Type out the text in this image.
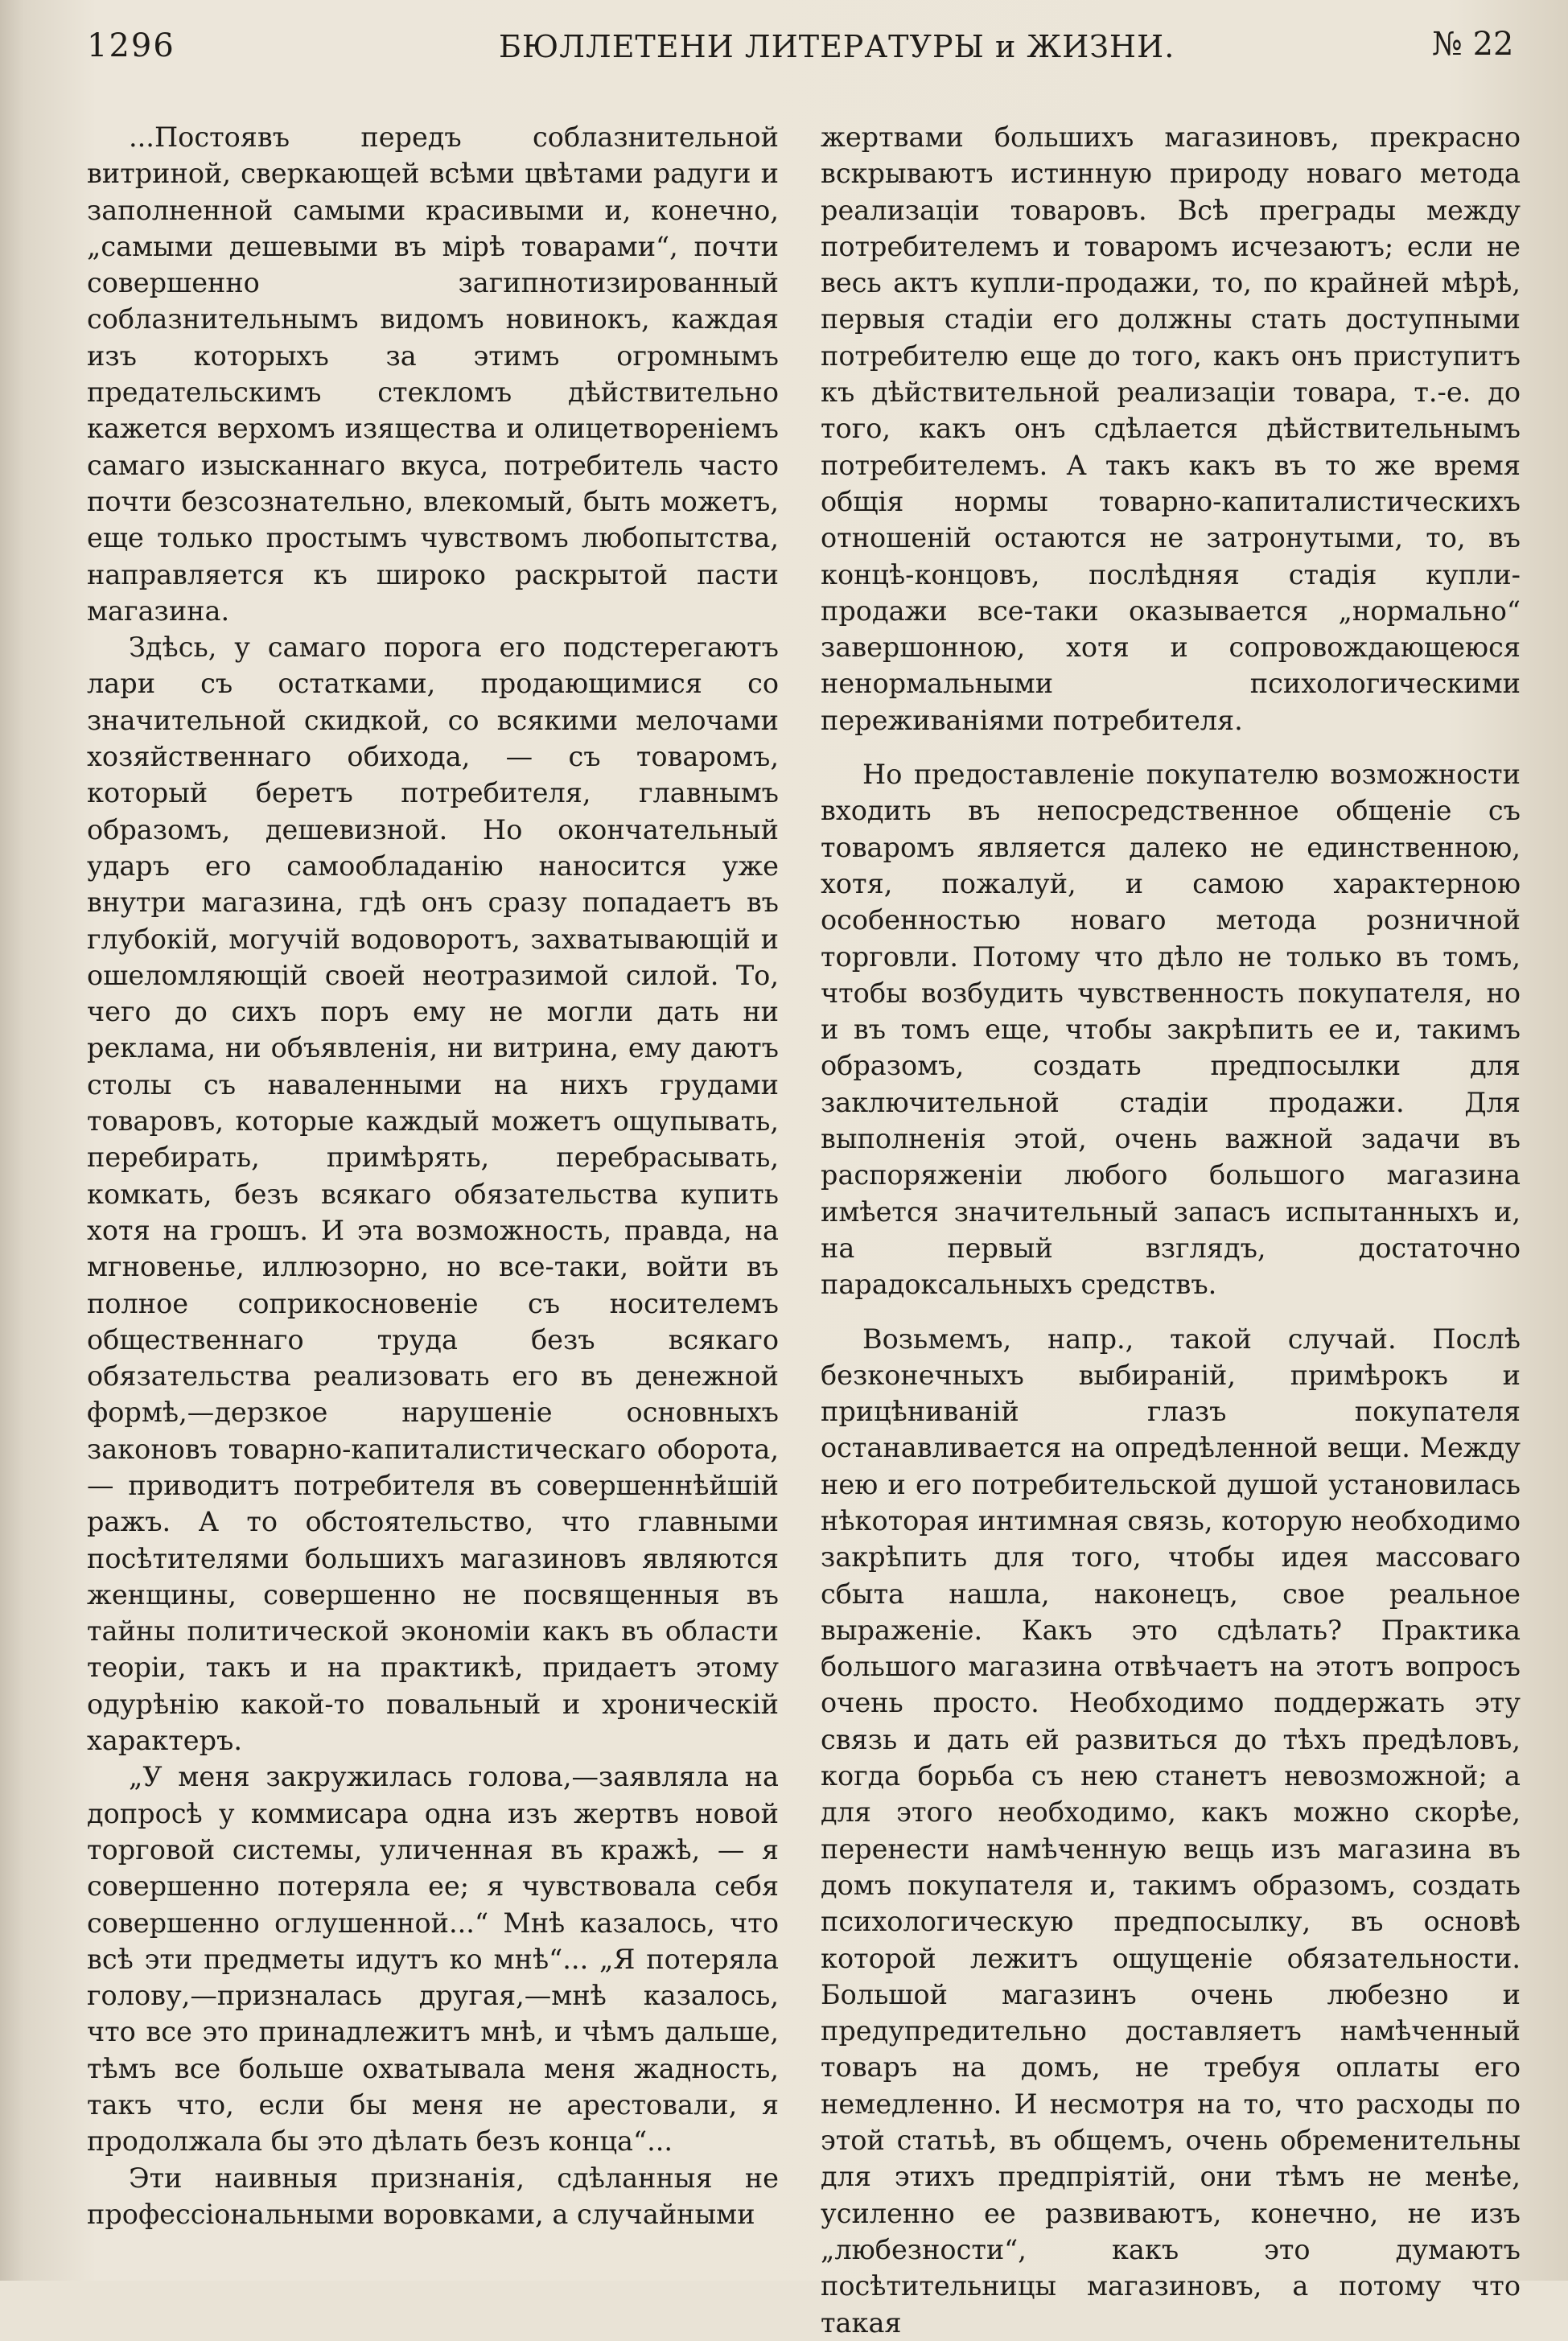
1296	БЮЛЛЕТЕНИ ЛИТЕРАТУРЫ и ЖИЗНИ.	№ 22

...Постоявъ передъ соблазнительной витриной, сверкающей всѣми цвѣтами радуги и заполненной самыми красивыми и, конечно, „самыми дешевыми въ мірѣ товарами“, почти совершенно загипнотизированный соблазнительнымъ видомъ новинокъ, каждая изъ которыхъ за этимъ огромнымъ предательскимъ стекломъ дѣйствительно кажется верхомъ изящества и олицетвореніемъ самаго изысканнаго вкуса, потребитель часто почти безсознательно, влекомый, быть можетъ, еще только простымъ чувствомъ любопытства, направляется къ широко раскрытой пасти магазина.

Здѣсь, у самаго порога его подстерегаютъ лари съ остатками, продающимися со значительной скидкой, со всякими мелочами хозяйственнаго обихода, — съ товаромъ, который беретъ потребителя, главнымъ образомъ, дешевизной. Но окончательный ударъ его самообладанію наносится уже внутри магазина, гдѣ онъ сразу попадаетъ въ глубокій, могучій водоворотъ, захватывающій и ошеломляющій своей неотразимой силой. То, чего до сихъ поръ ему не могли дать ни реклама, ни объявленія, ни витрина, ему даютъ столы съ наваленными на нихъ грудами товаровъ, которые каждый можетъ ощупывать, перебирать, примѣрять, перебрасывать, комкать, безъ всякаго обязательства купить хотя на грошъ. И эта возможность, правда, на мгновенье, иллюзорно, но все-таки, войти въ полное соприкосновеніе съ носителемъ общественнаго труда безъ всякаго обязательства реализовать его въ денежной формѣ,—дерзкое нарушеніе основныхъ законовъ товарно-капиталистическаго оборота, — приводитъ потребителя въ совершеннѣйшій ражъ. А то обстоятельство, что главными посѣтителями большихъ магазиновъ являются женщины, совершенно не посвященныя въ тайны политической экономіи какъ въ области теоріи, такъ и на практикѣ, придаетъ этому одурѣнію какой-то повальный и хроническій характеръ.

„У меня закружилась голова,—заявляла на допросѣ у коммисара одна изъ жертвъ новой торговой системы, уличенная въ кражѣ, — я совершенно потеряла ее; я чувствовала себя совершенно оглушенной...“ Мнѣ казалось, что всѣ эти предметы идутъ ко мнѣ“... „Я потеряла голову,—призналась другая,—мнѣ казалось, что все это принадлежитъ мнѣ, и чѣмъ дальше, тѣмъ все больше охватывала меня жадность, такъ что, если бы меня не арестовали, я продолжала бы это дѣлать безъ конца“...

Эти наивныя признанія, сдѣланныя не профессіональными воровками, а случайными

жертвами большихъ магазиновъ, прекрасно вскрываютъ истинную природу новаго метода реализаціи товаровъ. Всѣ преграды между потребителемъ и товаромъ исчезаютъ; если не весь актъ купли-продажи, то, по крайней мѣрѣ, первыя стадіи его должны стать доступными потребителю еще до того, какъ онъ приступитъ къ дѣйствительной реализаціи товара, т.-е. до того, какъ онъ сдѣлается дѣйствительнымъ потребителемъ. А такъ какъ въ то же время общія нормы товарно-капиталистическихъ отношеній остаются не затронутыми, то, въ концѣ-концовъ, послѣдняя стадія купли-продажи все-таки оказывается „нормально“ завершонною, хотя и сопровождающеюся ненормальными психологическими переживаніями потребителя.

Но предоставленіе покупателю возможности входить въ непосредственное общеніе съ товаромъ является далеко не единственною, хотя, пожалуй, и самою характерною особенностью новаго метода розничной торговли. Потому что дѣло не только въ томъ, чтобы возбудить чувственность покупателя, но и въ томъ еще, чтобы закрѣпить ее и, такимъ образомъ, создать предпосылки для заключительной стадіи продажи. Для выполненія этой, очень важной задачи въ распоряженіи любого большого магазина имѣется значительный запасъ испытанныхъ и, на первый взглядъ, достаточно парадоксальныхъ средствъ.

Возьмемъ, напр., такой случай. Послѣ безконечныхъ выбираній, примѣрокъ и прицѣниваній глазъ покупателя останавливается на опредѣленной вещи. Между нею и его потребительской душой установилась нѣкоторая интимная связь, которую необходимо закрѣпить для того, чтобы идея массоваго сбыта нашла, наконецъ, свое реальное выраженіе. Какъ это сдѣлать? Практика большого магазина отвѣчаетъ на этотъ вопросъ очень просто. Необходимо поддержать эту связь и дать ей развиться до тѣхъ предѣловъ, когда борьба съ нею станетъ невозможной; а для этого необходимо, какъ можно скорѣе, перенести намѣченную вещь изъ магазина въ домъ покупателя и, такимъ образомъ, создать психологическую предпосылку, въ основѣ которой лежитъ ощущеніе обязательности. Большой магазинъ очень любезно и предупредительно доставляетъ намѣченный товаръ на домъ, не требуя оплаты его немедленно. И несмотря на то, что расходы по этой статьѣ, въ общемъ, очень обременительны для этихъ предпріятій, они тѣмъ не менѣе, усиленно ее развиваютъ, конечно, не изъ „любезности“, какъ это думаютъ посѣтительницы магазиновъ, а потому что такая
